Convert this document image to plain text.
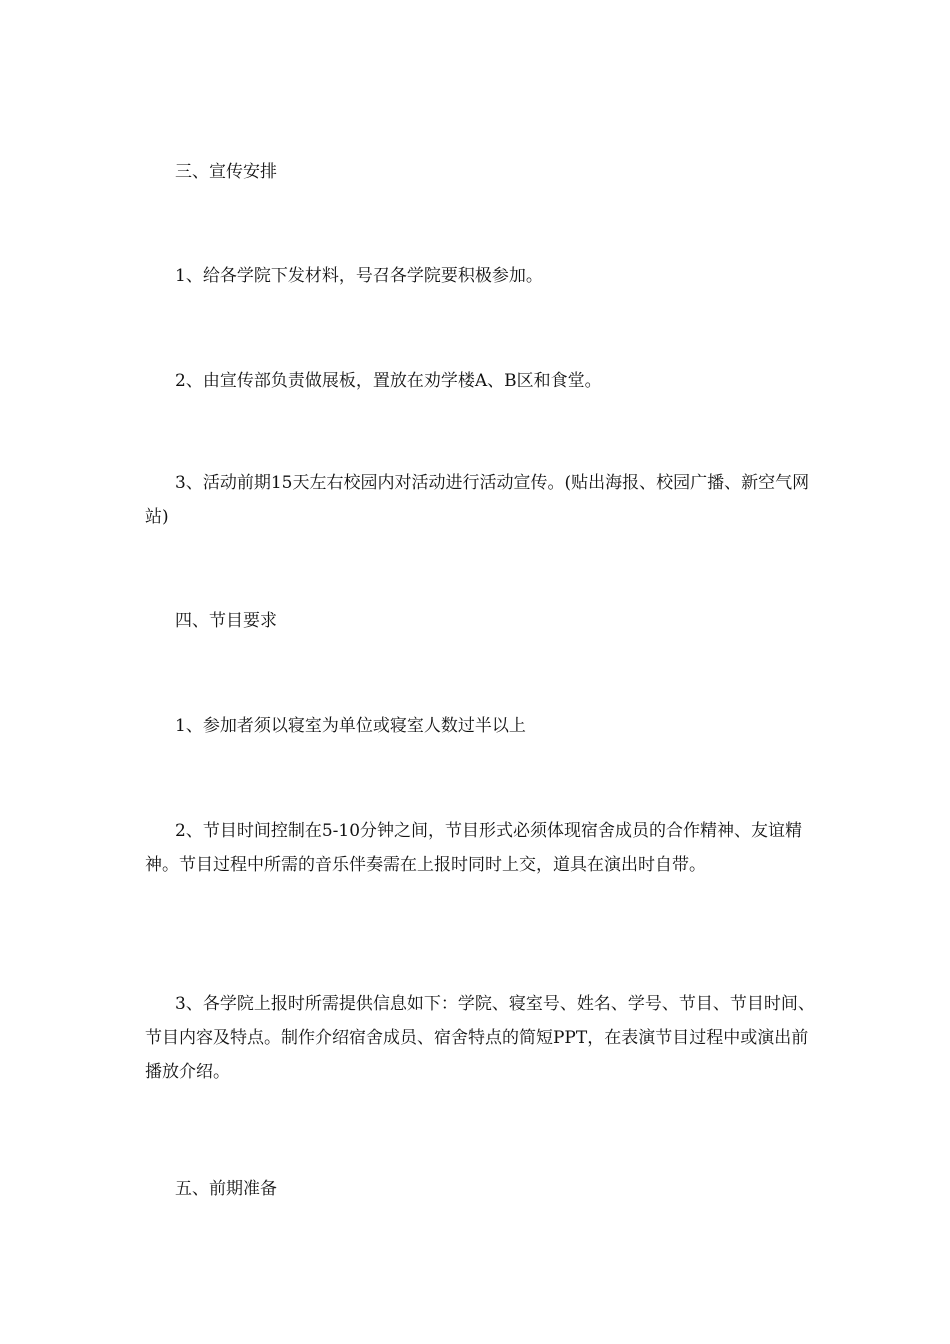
三、宣传安排

1、给各学院下发材料，号召各学院要积极参加。

2、由宣传部负责做展板，置放在劝学楼A、B区和食堂。

3、活动前期15天左右校园内对活动进行活动宣传。(贴出海报、校园广播、新空气网站)

四、节目要求

1、参加者须以寝室为单位或寝室人数过半以上

2、节目时间控制在5-10分钟之间，节目形式必须体现宿舍成员的合作精神、友谊精神。节目过程中所需的音乐伴奏需在上报时同时上交，道具在演出时自带。

3、各学院上报时所需提供信息如下：学院、寝室号、姓名、学号、节目、节目时间、节目内容及特点。制作介绍宿舍成员、宿舍特点的简短PPT，在表演节目过程中或演出前播放介绍。

五、前期准备
